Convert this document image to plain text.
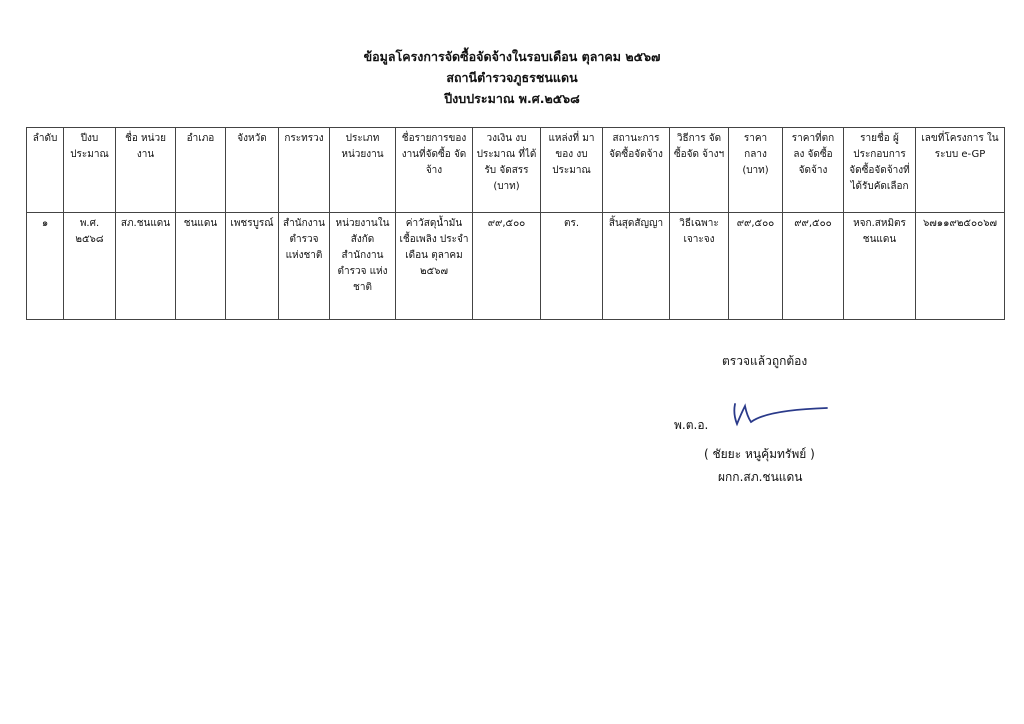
ข้อมูลโครงการจัดซื้อจัดจ้างในรอบเดือน ตุลาคม ๒๕๖๗
สถานีตำรวจภูธรชนแดน
ปีงบประมาณ พ.ศ.๒๕๖๘
ลำดับ	ปีงบ ประมาณ	ชื่อ หน่วยงาน	อำเภอ	จังหวัด	กระทรวง	ประเภท หน่วยงาน	ชื่อรายการของ งานที่จัดซื้อ จัดจ้าง	วงเงิน งบประมาณ ที่ได้รับ จัดสรร (บาท)	แหล่งที่ มาของ งบประมาณ	สถานะการ จัดซื้อจัดจ้าง	วิธีการ จัดซื้อจัด จ้างฯ	ราคา กลาง (บาท)	ราคาที่ตก ลง จัดซื้อ จัดจ้าง	รายชื่อ ผู้ประกอบการ จัดซื้อจัดจ้างที่ ได้รับคัดเลือก	เลขที่โครงการ ใน ระบบ e-GP
๑	พ.ศ. ๒๕๖๘	สภ.ชนแดน	ชนแดน	เพชรบูรณ์	สำนักงาน ตำรวจ แห่งชาติ	หน่วยงานใน สังกัด สำนักงาน ตำรวจ แห่งชาติ	ค่าวัสดุน้ำมัน เชื้อเพลิง ประจำเดือน ตุลาคม ๒๕๖๗	๙๙,๕๐๐	ตร.	สิ้นสุดสัญญา	วิธีเฉพาะ เจาะจง	๙๙,๕๐๐	๙๙,๕๐๐	หจก.สหมิตร ชนแดน	๖๗๑๑๙๒๕๐๐๖๗
ตรวจแล้วถูกต้อง
พ.ต.อ.
( ชัยยะ หนูคุ้มทรัพย์ )
ผกก.สภ.ชนแดน
